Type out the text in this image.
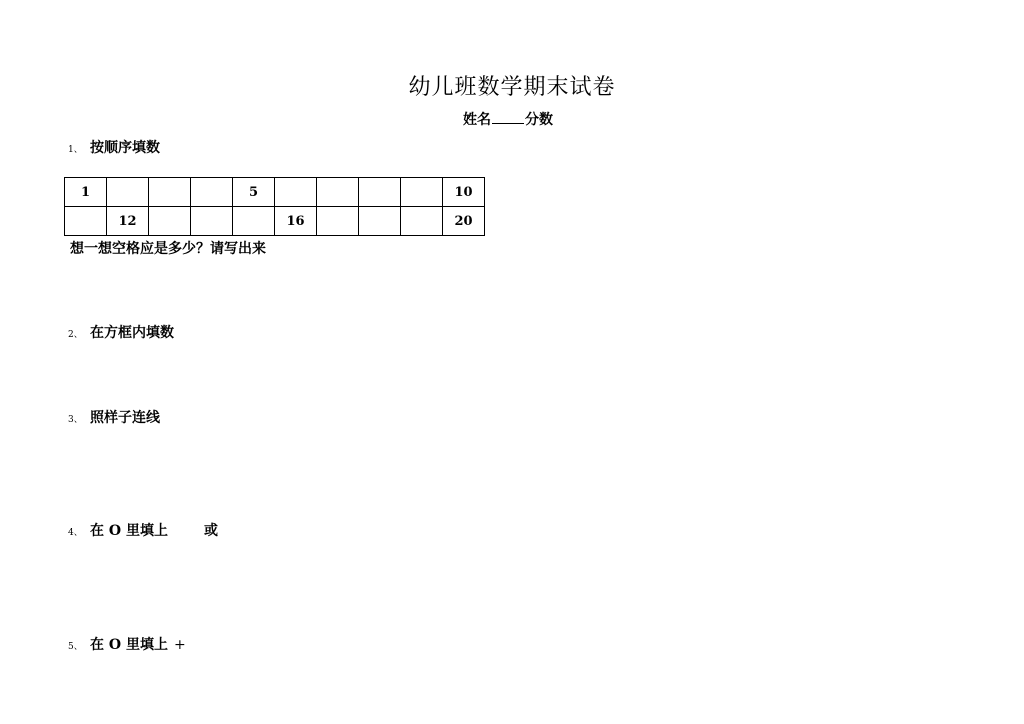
幼儿班数学期末试卷
姓名 分数
1、 按顺序填数
1				5					10
	12				16				20
想一想空格应是多少？请写出来
2、 在方框内填数
3、 照样子连线
4、 在 O 里填上	或
5、 在 O 里填上 +
